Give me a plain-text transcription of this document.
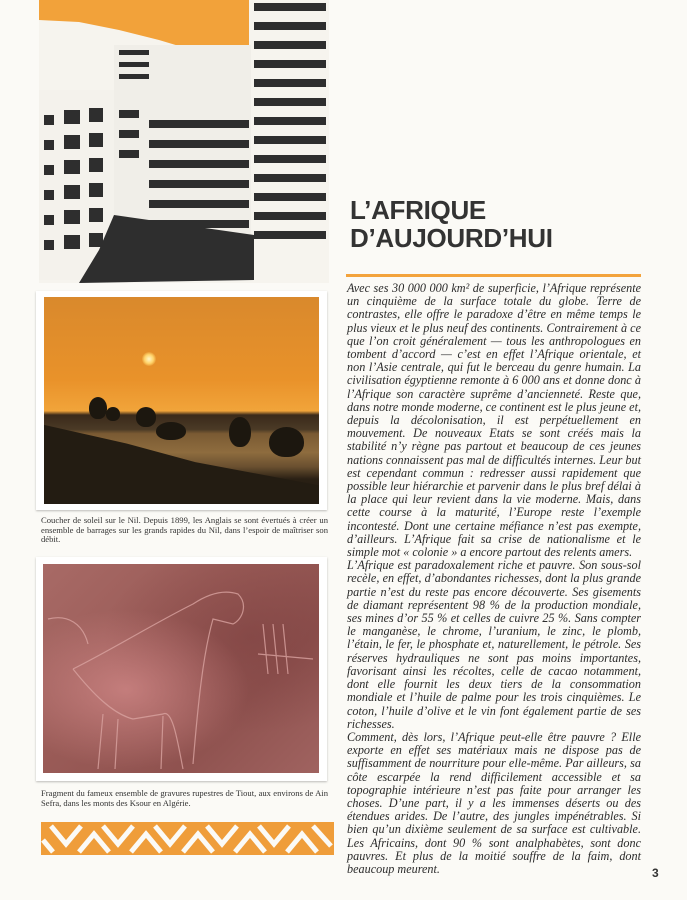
Coucher de soleil sur le Nil. Depuis 1899, les Anglais se sont évertués à créer un ensemble de barrages sur les grands rapides du Nil, dans l’espoir de maîtriser son débit.
Fragment du fameux ensemble de gravures rupestres de Tiout, aux environs de Ain Sefra, dans les monts des Ksour en Algérie.
L’AFRIQUE
D’AUJOURD’HUI

Avec ses 30 000 000 km² de superficie, l’Afrique représente un cinquième de la surface totale du globe. Terre de contrastes, elle offre le paradoxe d’être en même temps le plus vieux et le plus neuf des continents. Contrairement à ce que l’on croit généralement — tous les anthropologues en tombent d’accord — c’est en effet l’Afrique orientale, et non l’Asie centrale, qui fut le berceau du genre humain. La civilisation égyptienne remonte à 6 000 ans et donne donc à l’Afrique son caractère suprême d’ancienneté. Reste que, dans notre monde moderne, ce continent est le plus jeune et, depuis la décolonisation, il est perpétuellement en mouvement. De nouveaux Etats se sont créés mais la stabilité n’y règne pas partout et beaucoup de ces jeunes nations connaissent pas mal de difficultés internes. Leur but est cependant commun : redresser aussi rapidement que possible leur hiérarchie et parvenir dans le plus bref délai à la place qui leur revient dans la vie moderne. Mais, dans cette course à la maturité, l’Europe reste l’exemple incontesté. Dont une certaine méfiance n’est pas exempte, d’ailleurs. L’Afrique fait sa crise de nationalisme et le simple mot « colonie » a encore partout des relents amers.

L’Afrique est paradoxalement riche et pauvre. Son sous-sol recèle, en effet, d’abondantes richesses, dont la plus grande partie n’est du reste pas encore découverte. Ses gisements de diamant représentent 98 % de la production mondiale, ses mines d’or 55 % et celles de cuivre 25 %. Sans compter le manganèse, le chrome, l’uranium, le zinc, le plomb, l’étain, le fer, le phosphate et, naturellement, le pétrole. Ses réserves hydrauliques ne sont pas moins importantes, favorisant ainsi les récoltes, celle de cacao notamment, dont elle fournit les deux tiers de la consommation mondiale et l’huile de palme pour les trois cinquièmes. Le coton, l’huile d’olive et le vin font également partie de ses richesses.

Comment, dès lors, l’Afrique peut-elle être pauvre ? Elle exporte en effet ses matériaux mais ne dispose pas de suffisamment de nourriture pour elle-même. Par ailleurs, sa côte escarpée la rend difficilement accessible et sa topographie intérieure n’est pas faite pour arranger les choses. D’une part, il y a les immenses déserts ou des étendues arides. De l’autre, des jungles impénétrables. Si bien qu’un dixième seulement de sa surface est cultivable. Les Africains, dont 90 % sont analphabètes, sont donc pauvres. Et plus de la moitié souffre de la faim, dont beaucoup meurent.	3
